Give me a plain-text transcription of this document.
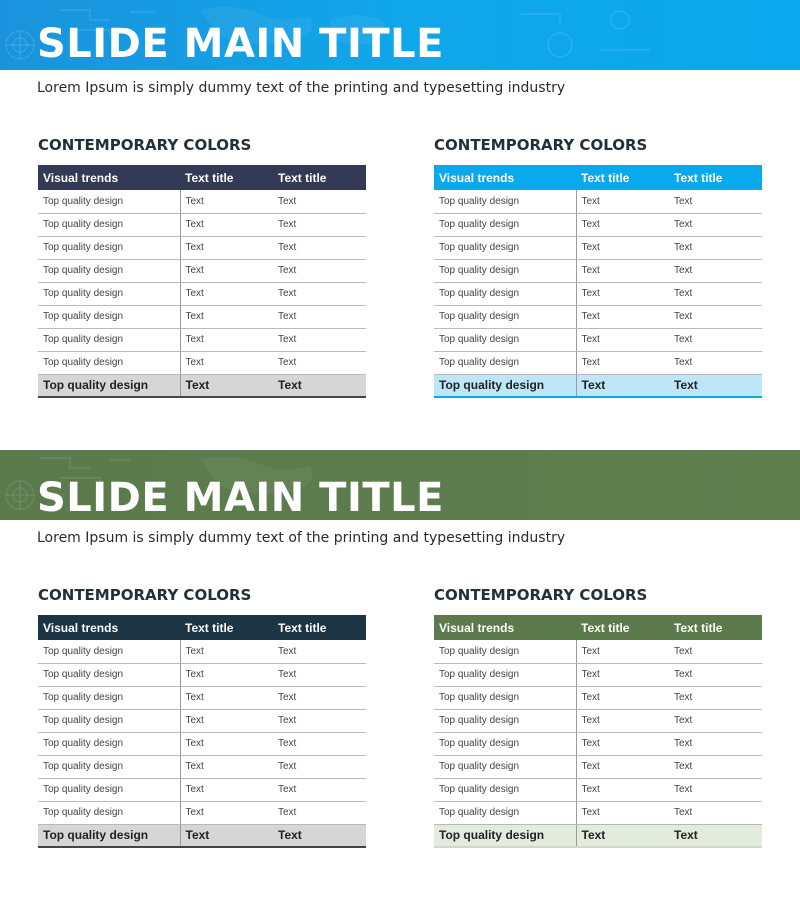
SLIDE MAIN TITLE
Lorem Ipsum is simply dummy text of the printing and typesetting industry
CONTEMPORARY COLORS
Visual trends	Text title	Text title
Top quality design	Text	Text
Top quality design	Text	Text
Top quality design	Text	Text
Top quality design	Text	Text
Top quality design	Text	Text
Top quality design	Text	Text
Top quality design	Text	Text
Top quality design	Text	Text
Top quality design	Text	Text
CONTEMPORARY COLORS
Visual trends	Text title	Text title
Top quality design	Text	Text
Top quality design	Text	Text
Top quality design	Text	Text
Top quality design	Text	Text
Top quality design	Text	Text
Top quality design	Text	Text
Top quality design	Text	Text
Top quality design	Text	Text
Top quality design	Text	Text
SLIDE MAIN TITLE
Lorem Ipsum is simply dummy text of the printing and typesetting industry
CONTEMPORARY COLORS
Visual trends	Text title	Text title
Top quality design	Text	Text
Top quality design	Text	Text
Top quality design	Text	Text
Top quality design	Text	Text
Top quality design	Text	Text
Top quality design	Text	Text
Top quality design	Text	Text
Top quality design	Text	Text
Top quality design	Text	Text
CONTEMPORARY COLORS
Visual trends	Text title	Text title
Top quality design	Text	Text
Top quality design	Text	Text
Top quality design	Text	Text
Top quality design	Text	Text
Top quality design	Text	Text
Top quality design	Text	Text
Top quality design	Text	Text
Top quality design	Text	Text
Top quality design	Text	Text
